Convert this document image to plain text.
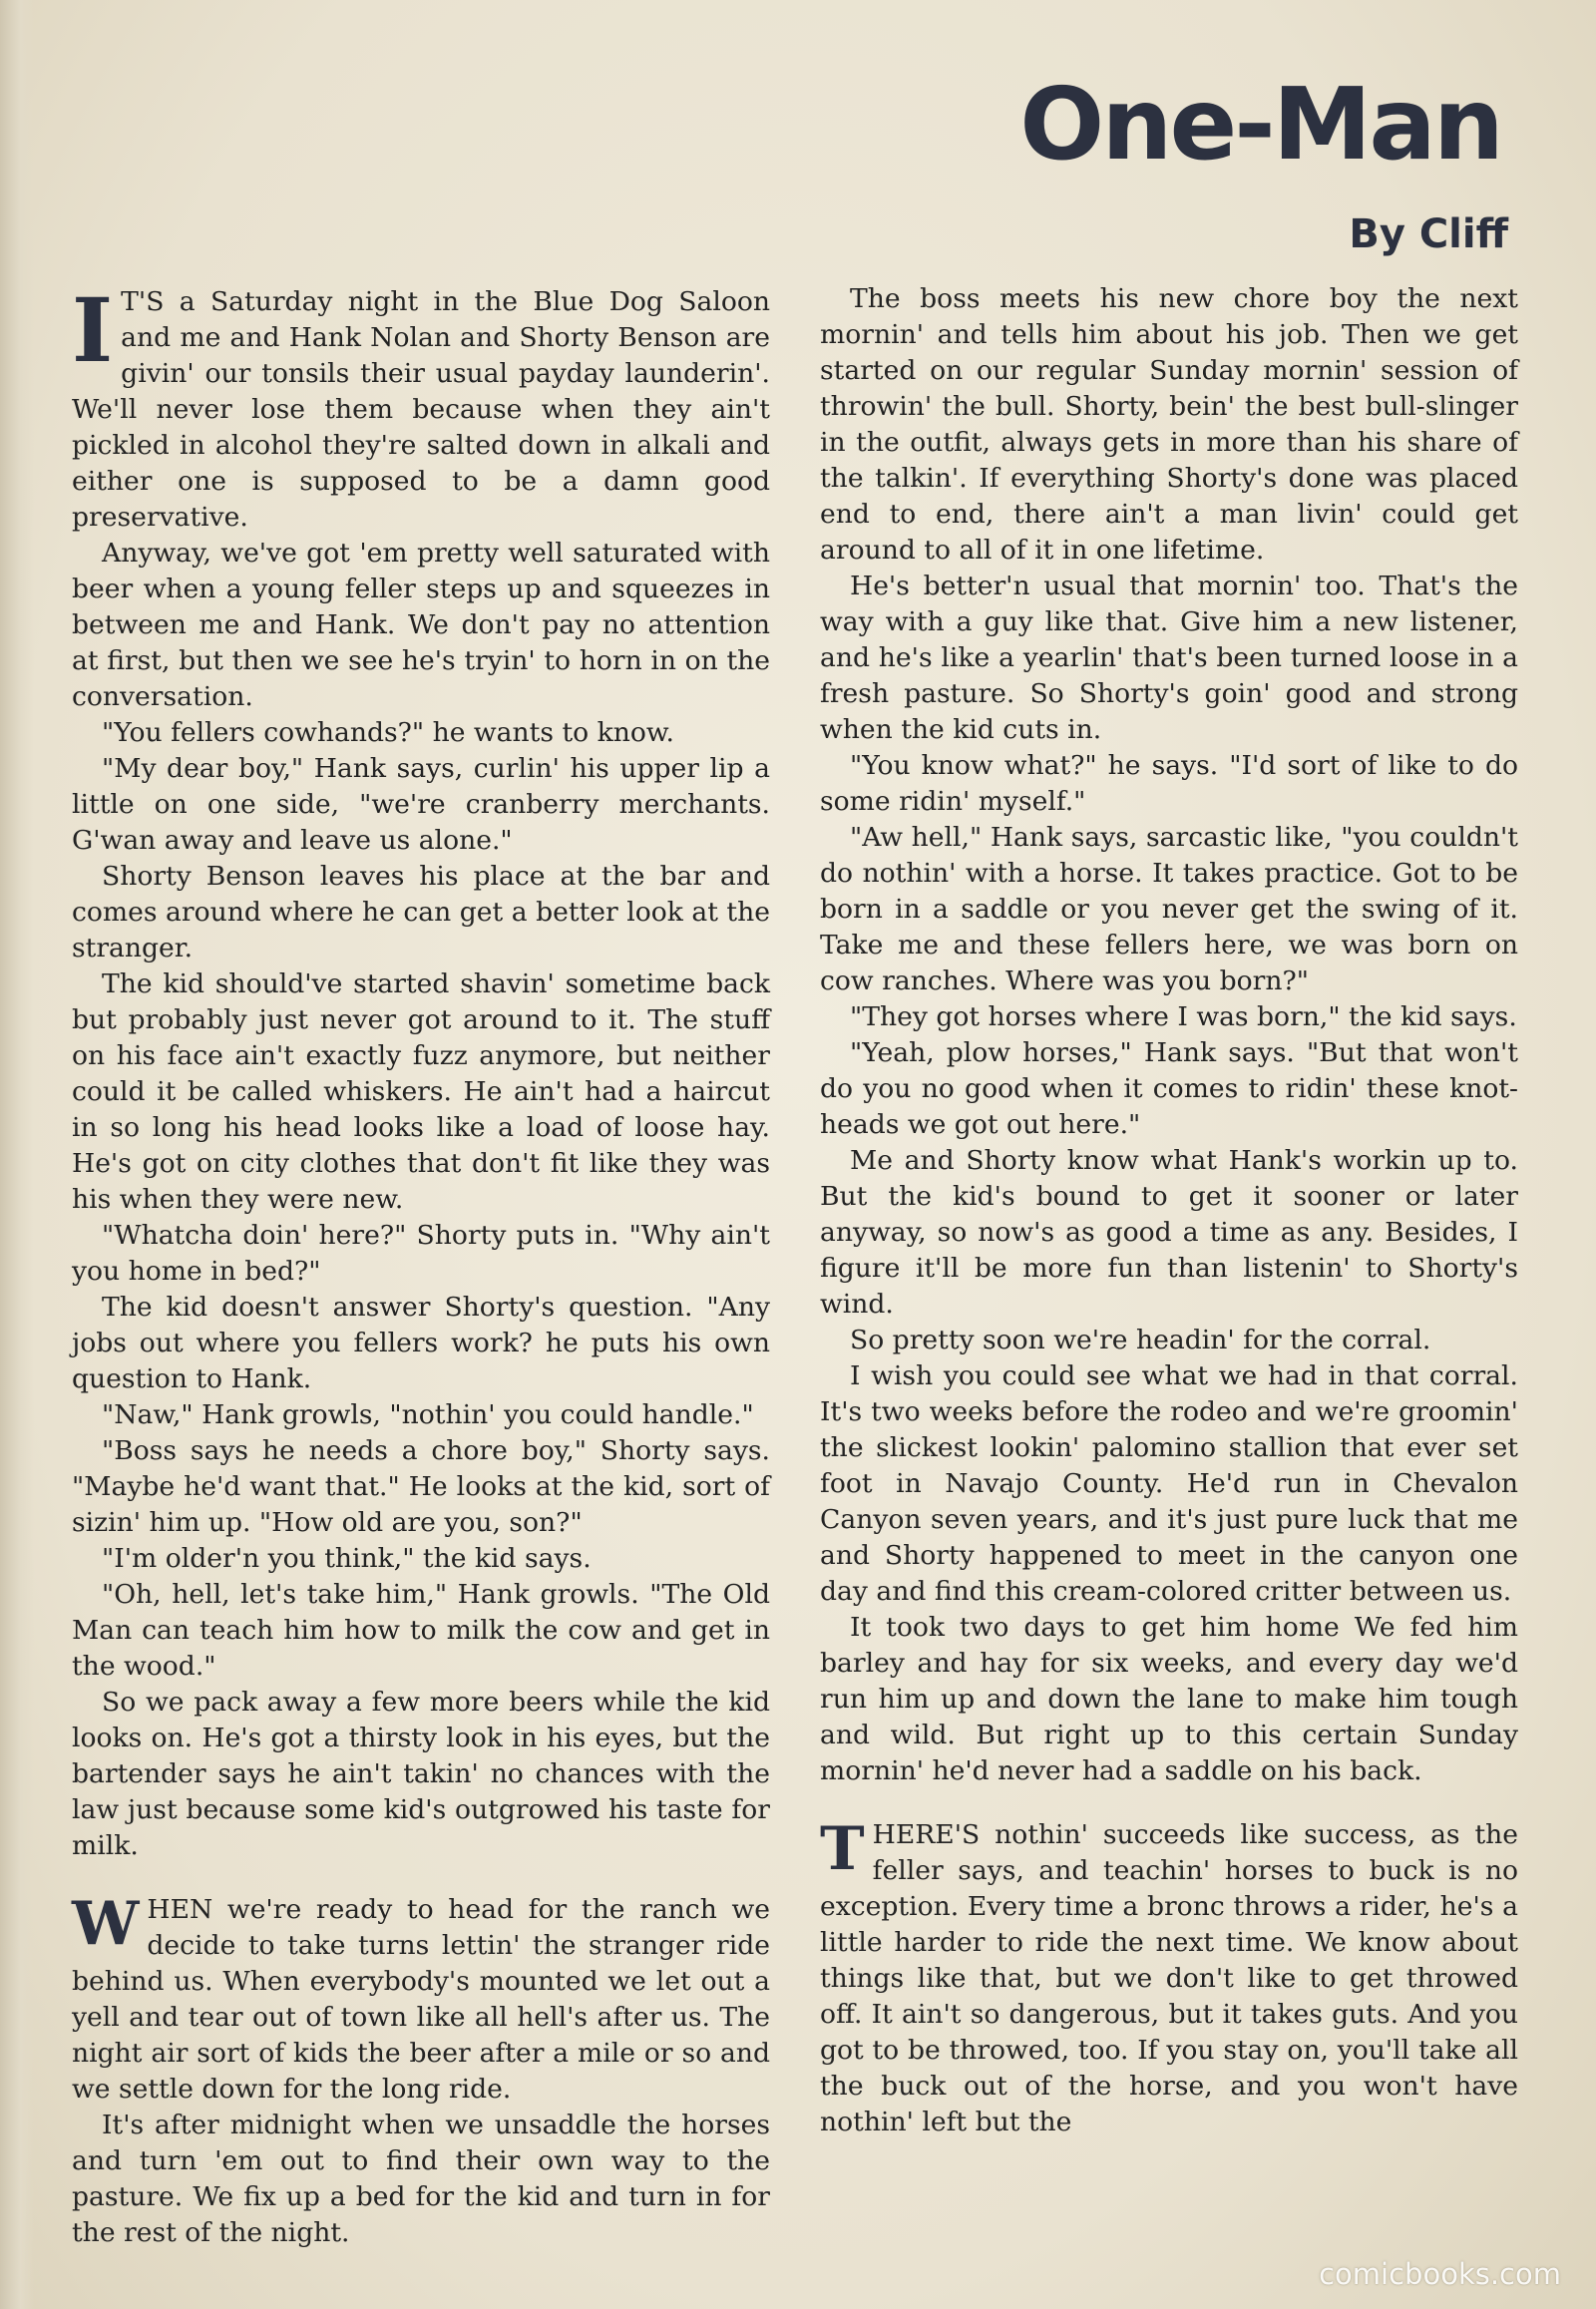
One-Man
By Cliff

I T'S a Saturday night in the Blue Dog Saloon and me and Hank Nolan and Shorty Benson are givin' our tonsils their usual payday launderin'. We'll never lose them because when they ain't pickled in alcohol they're salted down in alkali and either one is supposed to be a damn good preservative.

Anyway, we've got 'em pretty well saturated with beer when a young feller steps up and squeezes in between me and Hank. We don't pay no attention at first, but then we see he's tryin' to horn in on the conversation.

"You fellers cowhands?" he wants to know.

"My dear boy," Hank says, curlin' his upper lip a little on one side, "we're cranberry merchants. G'wan away and leave us alone."

Shorty Benson leaves his place at the bar and comes around where he can get a better look at the stranger.

The kid should've started shavin' sometime back but probably just never got around to it. The stuff on his face ain't exactly fuzz anymore, but neither could it be called whiskers. He ain't had a haircut in so long his head looks like a load of loose hay. He's got on city clothes that don't fit like they was his when they were new.

"Whatcha doin' here?" Shorty puts in. "Why ain't you home in bed?"

The kid doesn't answer Shorty's question. "Any jobs out where you fellers work? he puts his own question to Hank.

"Naw," Hank growls, "nothin' you could handle."

"Boss says he needs a chore boy," Shorty says. "Maybe he'd want that." He looks at the kid, sort of sizin' him up. "How old are you, son?"

"I'm older'n you think," the kid says.

"Oh, hell, let's take him," Hank growls. "The Old Man can teach him how to milk the cow and get in the wood."

So we pack away a few more beers while the kid looks on. He's got a thirsty look in his eyes, but the bartender says he ain't takin' no chances with the law just because some kid's outgrowed his taste for milk.

WHEN we're ready to head for the ranch we decide to take turns lettin' the stranger ride behind us. When everybody's mounted we let out a yell and tear out of town like all hell's after us. The night air sort of kids the beer after a mile or so and we settle down for the long ride.

It's after midnight when we unsaddle the horses and turn 'em out to find their own way to the pasture. We fix up a bed for the kid and turn in for the rest of the night.

The boss meets his new chore boy the next mornin' and tells him about his job. Then we get started on our regular Sunday mornin' session of throwin' the bull. Shorty, bein' the best bull-slinger in the outfit, always gets in more than his share of the talkin'. If everything Shorty's done was placed end to end, there ain't a man livin' could get around to all of it in one lifetime.

He's better'n usual that mornin' too. That's the way with a guy like that. Give him a new listener, and he's like a yearlin' that's been turned loose in a fresh pasture. So Shorty's goin' good and strong when the kid cuts in.

"You know what?" he says. "I'd sort of like to do some ridin' myself."

"Aw hell," Hank says, sarcastic like, "you couldn't do nothin' with a horse. It takes practice. Got to be born in a saddle or you never get the swing of it. Take me and these fellers here, we was born on cow ranches. Where was you born?"

"They got horses where I was born," the kid says.

"Yeah, plow horses," Hank says. "But that won't do you no good when it comes to ridin' these knot-heads we got out here."

Me and Shorty know what Hank's workin up to. But the kid's bound to get it sooner or later anyway, so now's as good a time as any. Besides, I figure it'll be more fun than listenin' to Shorty's wind.

So pretty soon we're headin' for the corral.

I wish you could see what we had in that corral. It's two weeks before the rodeo and we're groomin' the slickest lookin' palomino stallion that ever set foot in Navajo County. He'd run in Chevalon Canyon seven years, and it's just pure luck that me and Shorty happened to meet in the canyon one day and find this cream-colored critter between us.

It took two days to get him home We fed him barley and hay for six weeks, and every day we'd run him up and down the lane to make him tough and wild. But right up to this certain Sunday mornin' he'd never had a saddle on his back.

THERE'S nothin' succeeds like success, as the feller says, and teachin' horses to buck is no exception. Every time a bronc throws a rider, he's a little harder to ride the next time. We know about things like that, but we don't like to get throwed off. It ain't so dangerous, but it takes guts. And you got to be throwed, too. If you stay on, you'll take all the buck out of the horse, and you won't have nothin' left but the

comicbooks.com
